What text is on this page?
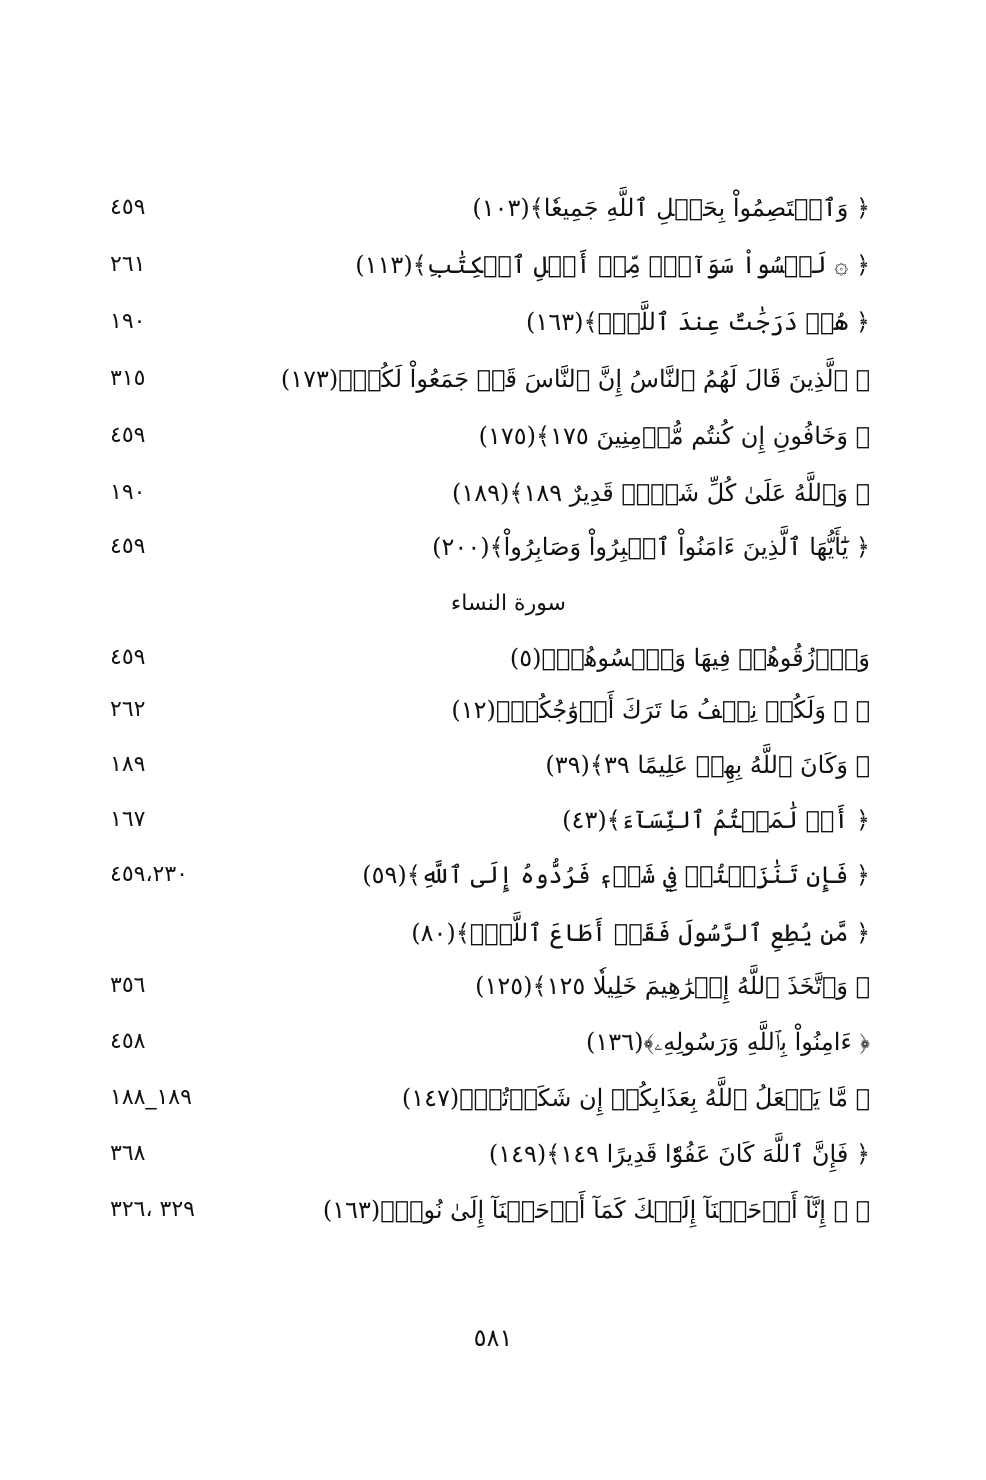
﴿ وَٱعۡتَصِمُواْ بِحَبۡلِ ٱللَّهِ جَمِيعٗا﴾(١٠٣)
٤٥٩
﴿ ۞ لَيۡسُواْ سَوَآءٗۗ مِّنۡ أَهۡلِ ٱلۡكِتَٰبِ﴾(١١٣)
٢٦١
﴿ هُمۡ دَرَجَٰتٌ عِندَ ٱللَّهِۗ﴾(١٦٣)
١٩٠
﴿ ٱلَّذِينَ قَالَ لَهُمُ ٱلنَّاسُ إِنَّ ٱلنَّاسَ قَدۡ جَمَعُواْ لَكُمۡ﴾(١٧٣)
٣١٥
﴿ وَخَافُونِ إِن كُنتُم مُّؤۡمِنِينَ ١٧٥﴾(١٧٥)
٤٥٩
﴿ وَٱللَّهُ عَلَىٰ كُلِّ شَيۡءٖ قَدِيرٌ ١٨٩﴾(١٨٩)
١٩٠
﴿ يَٰٓأَيُّهَا ٱلَّذِينَ ءَامَنُواْ ٱصۡبِرُواْ وَصَابِرُواْ﴾(٢٠٠)
٤٥٩
سورة النساء
وَٱرۡزُقُوهُمۡ فِيهَا وَٱكۡسُوهُمۡ﴾(٥)
٤٥٩
﴿ ۞ وَلَكُمۡ نِصۡفُ مَا تَرَكَ أَزۡوَٰجُكُمۡ﴾(١٢)
٢٦٢
﴿ وَكَانَ ٱللَّهُ بِهِمۡ عَلِيمًا ٣٩﴾(٣٩)
١٨٩
﴿ أَوۡ لَٰمَسۡتُمُ ٱلنِّسَآءَ﴾(٤٣)
١٦٧
﴿ فَإِن تَنَٰزَعۡتُمۡ فِي شَيۡءٖ فَرُدُّوهُ إِلَى ٱللَّهِ﴾(٥٩)
٤٥٩،٢٣٠
﴿ مَّن يُطِعِ ٱلرَّسُولَ فَقَدۡ أَطَاعَ ٱللَّهَۖ﴾(٨٠)
﴿ وَٱتَّخَذَ ٱللَّهُ إِبۡرَٰهِيمَ خَلِيلٗا ١٢٥﴾(١٢٥)
٣٥٦
﴿ ءَامِنُواْ بِٱللَّهِ وَرَسُولِهِۦ﴾(١٣٦)
٤٥٨
﴿ مَّا يَفۡعَلُ ٱللَّهُ بِعَذَابِكُمۡ إِن شَكَرۡتُمۡ﴾(١٤٧)
١٨٩_١٨٨
﴿ فَإِنَّ ٱللَّهَ كَانَ عَفُوّٗا قَدِيرًا ١٤٩﴾(١٤٩)
٣٦٨
﴿ ۞ إِنَّآ أَوۡحَيۡنَآ إِلَيۡكَ كَمَآ أَوۡحَيۡنَآ إِلَىٰ نُوحٖ﴾(١٦٣)
٣٢٩ ،٣٢٦
٥٨١
